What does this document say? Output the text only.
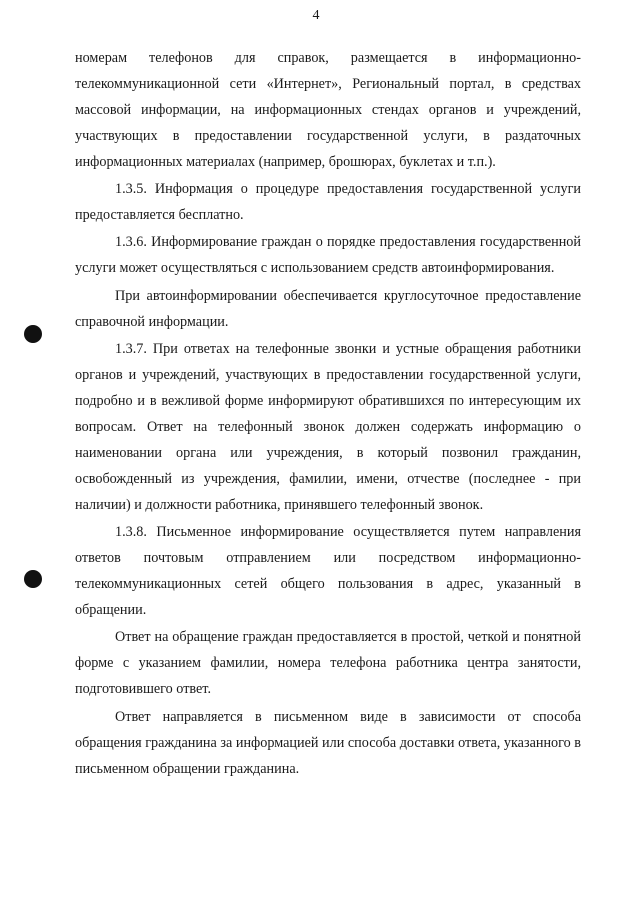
4

номерам телефонов для справок, размещается в информационно-телекоммуникационной сети «Интернет», Региональный портал, в средствах массовой информации, на информационных стендах органов и учреждений, участвующих в предоставлении государственной услуги, в раздаточных информационных материалах (например, брошюрах, буклетах и т.п.).

1.3.5. Информация о процедуре предоставления государственной услуги предоставляется бесплатно.

1.3.6. Информирование граждан о порядке предоставления государственной услуги может осуществляться с использованием средств автоинформирования.

При автоинформировании обеспечивается круглосуточное предоставление справочной информации.

1.3.7. При ответах на телефонные звонки и устные обращения работники органов и учреждений, участвующих в предоставлении государственной услуги, подробно и в вежливой форме информируют обратившихся по интересующим их вопросам. Ответ на телефонный звонок должен содержать информацию о наименовании органа или учреждения, в который позвонил гражданин, освобожденный из учреждения, фамилии, имени, отчестве (последнее - при наличии) и должности работника, принявшего телефонный звонок.

1.3.8. Письменное информирование осуществляется путем направления ответов почтовым отправлением или посредством информационно-телекоммуникационных сетей общего пользования в адрес, указанный в обращении.

Ответ на обращение граждан предоставляется в простой, четкой и понятной форме с указанием фамилии, номера телефона работника центра занятости, подготовившего ответ.

Ответ направляется в письменном виде в зависимости от способа обращения гражданина за информацией или способа доставки ответа, указанного в письменном обращении гражданина.
